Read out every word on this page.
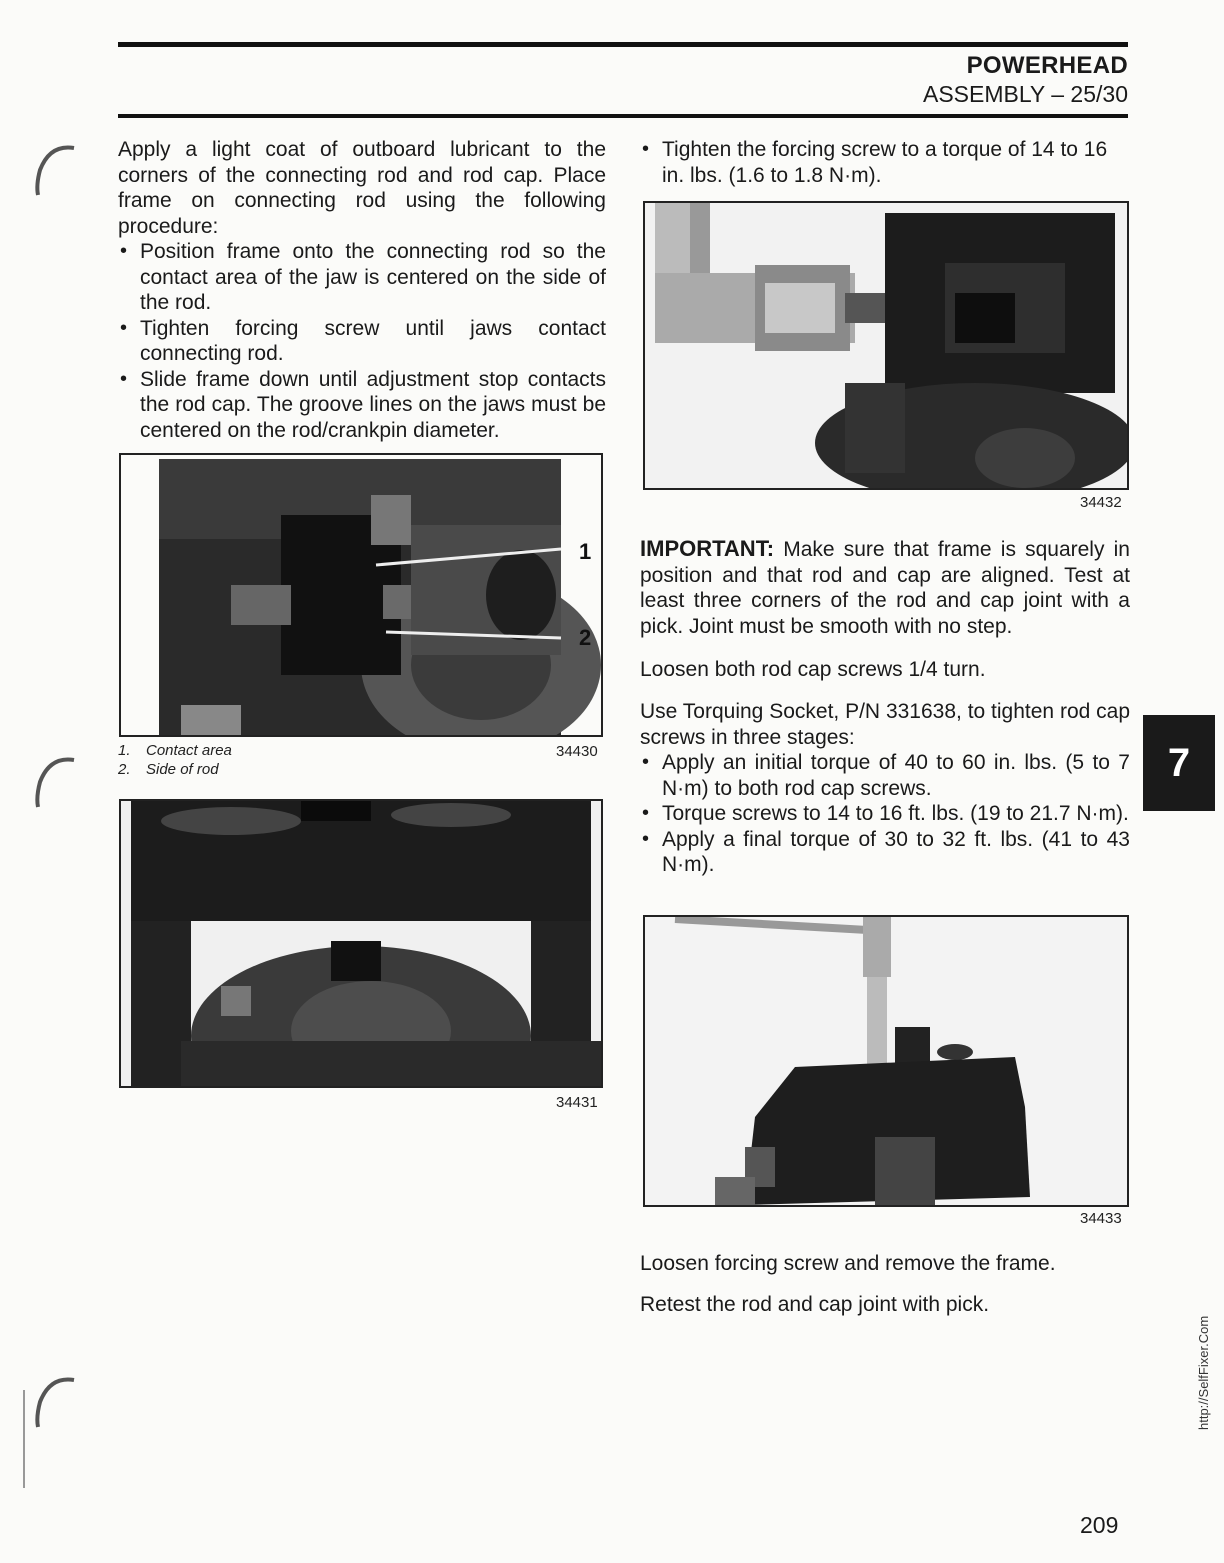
POWERHEAD
ASSEMBLY – 25/30

Apply a light coat of outboard lubricant to the corners of the connecting rod and rod cap. Place frame on connecting rod using the following procedure:

• Position frame onto the connecting rod so the contact area of the jaw is centered on the side of the rod.
• Tighten forcing screw until jaws contact connecting rod.
• Slide frame down until adjustment stop contacts the rod cap. The groove lines on the jaws must be centered on the rod/crankpin diameter.
1
2
1. Contact area
2. Side of rod
34430
34431
• Tighten the forcing screw to a torque of 14 to 16 in. lbs. (1.6 to 1.8 N·m).
34432
IMPORTANT: Make sure that frame is squarely in position and that rod and cap are aligned. Test at least three corners of the rod and cap joint with a pick. Joint must be smooth with no step.
Loosen both rod cap screws 1/4 turn.

Use Torquing Socket, P/N 331638, to tighten rod cap screws in three stages:

• Apply an initial torque of 40 to 60 in. lbs. (5 to 7 N·m) to both rod cap screws.
• Torque screws to 14 to 16 ft. lbs. (19 to 21.7 N·m).
• Apply a final torque of 30 to 32 ft. lbs. (41 to 43 N·m).
34433
Loosen forcing screw and remove the frame.
Retest the rod and cap joint with pick.
7
http://SelfFixer.Com
209
